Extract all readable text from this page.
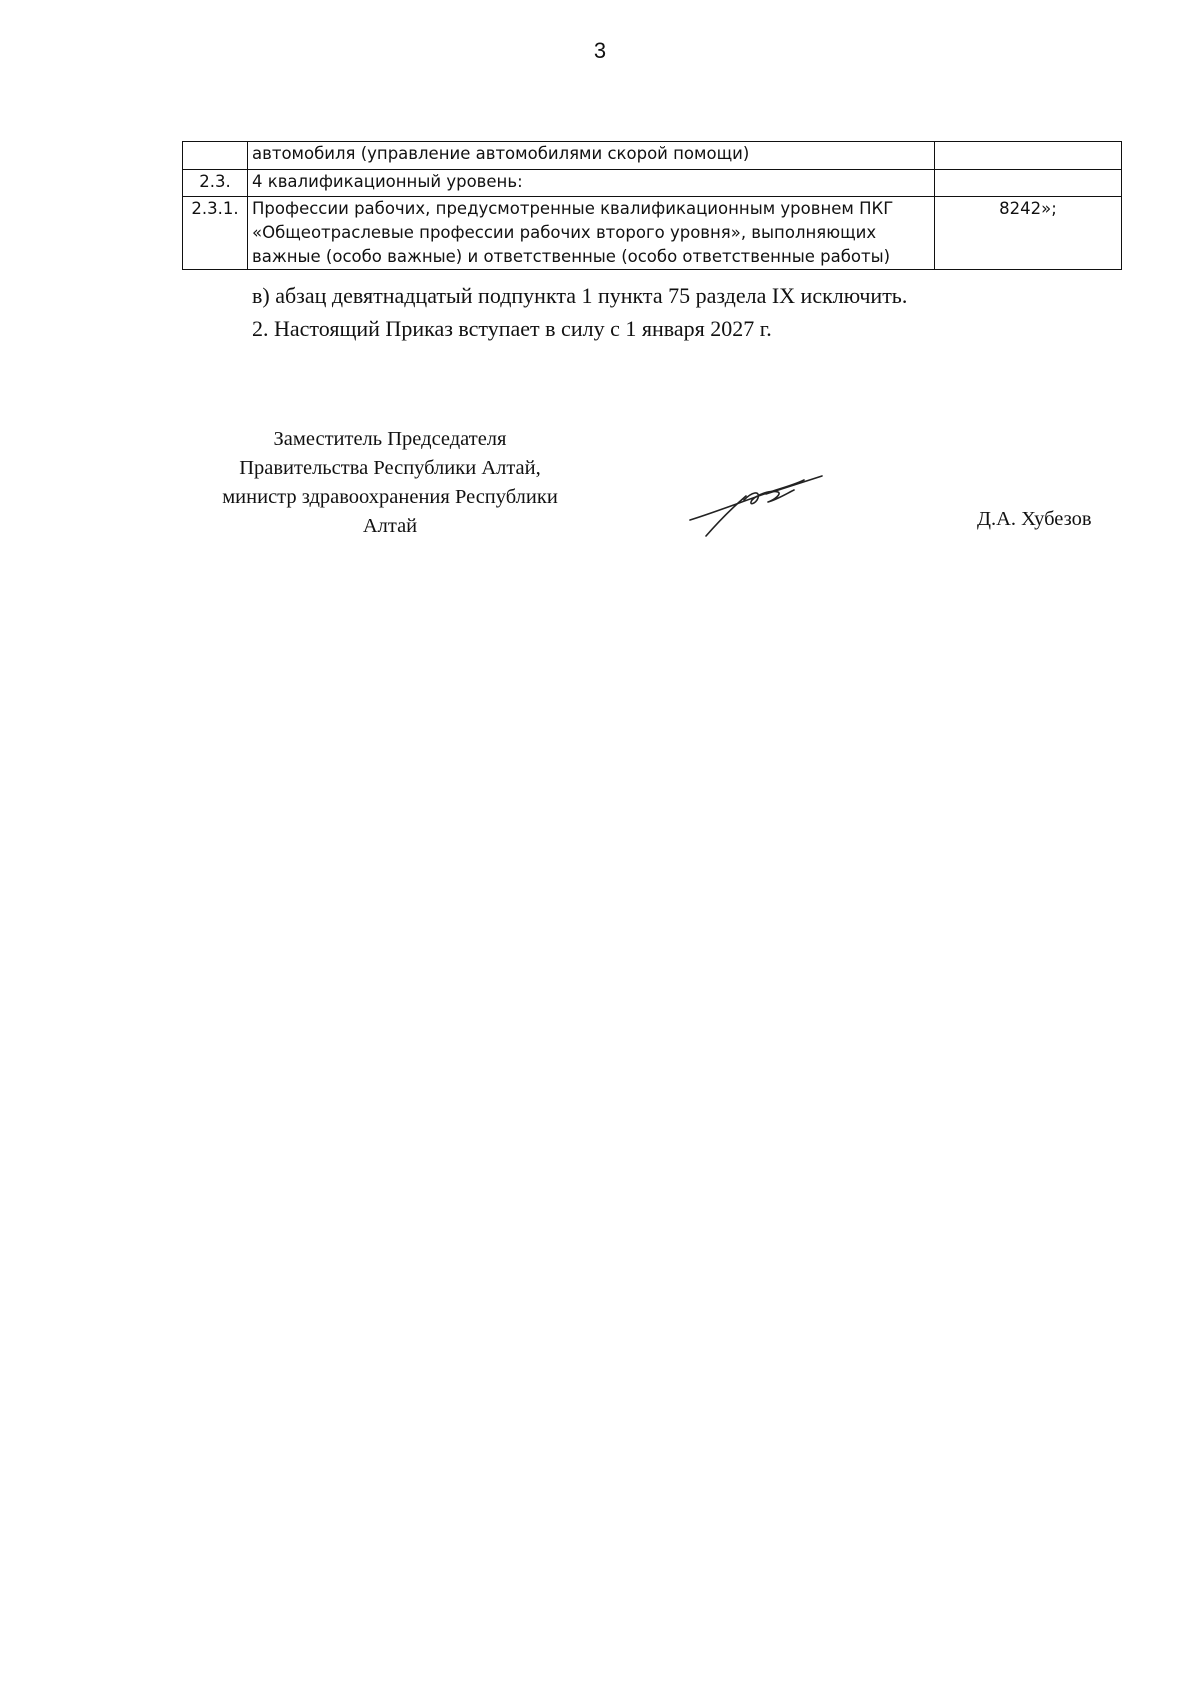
3
	автомобиля (управление автомобилями скорой помощи)	
2.3.	4 квалификационный уровень:	
2.3.1.	Профессии рабочих, предусмотренные квалификационным уровнем ПКГ «Общеотраслевые профессии рабочих второго уровня», выполняющих важные (особо важные) и ответственные (особо ответственные работы)	8242»;
в) абзац девятнадцатый подпункта 1 пункта 75 раздела IX исключить.
2. Настоящий Приказ вступает в силу с 1 января 2027 г.
Заместитель Председателя
Правительства Республики Алтай,
министр здравоохранения Республики
Алтай	Д.А. Хубезов
